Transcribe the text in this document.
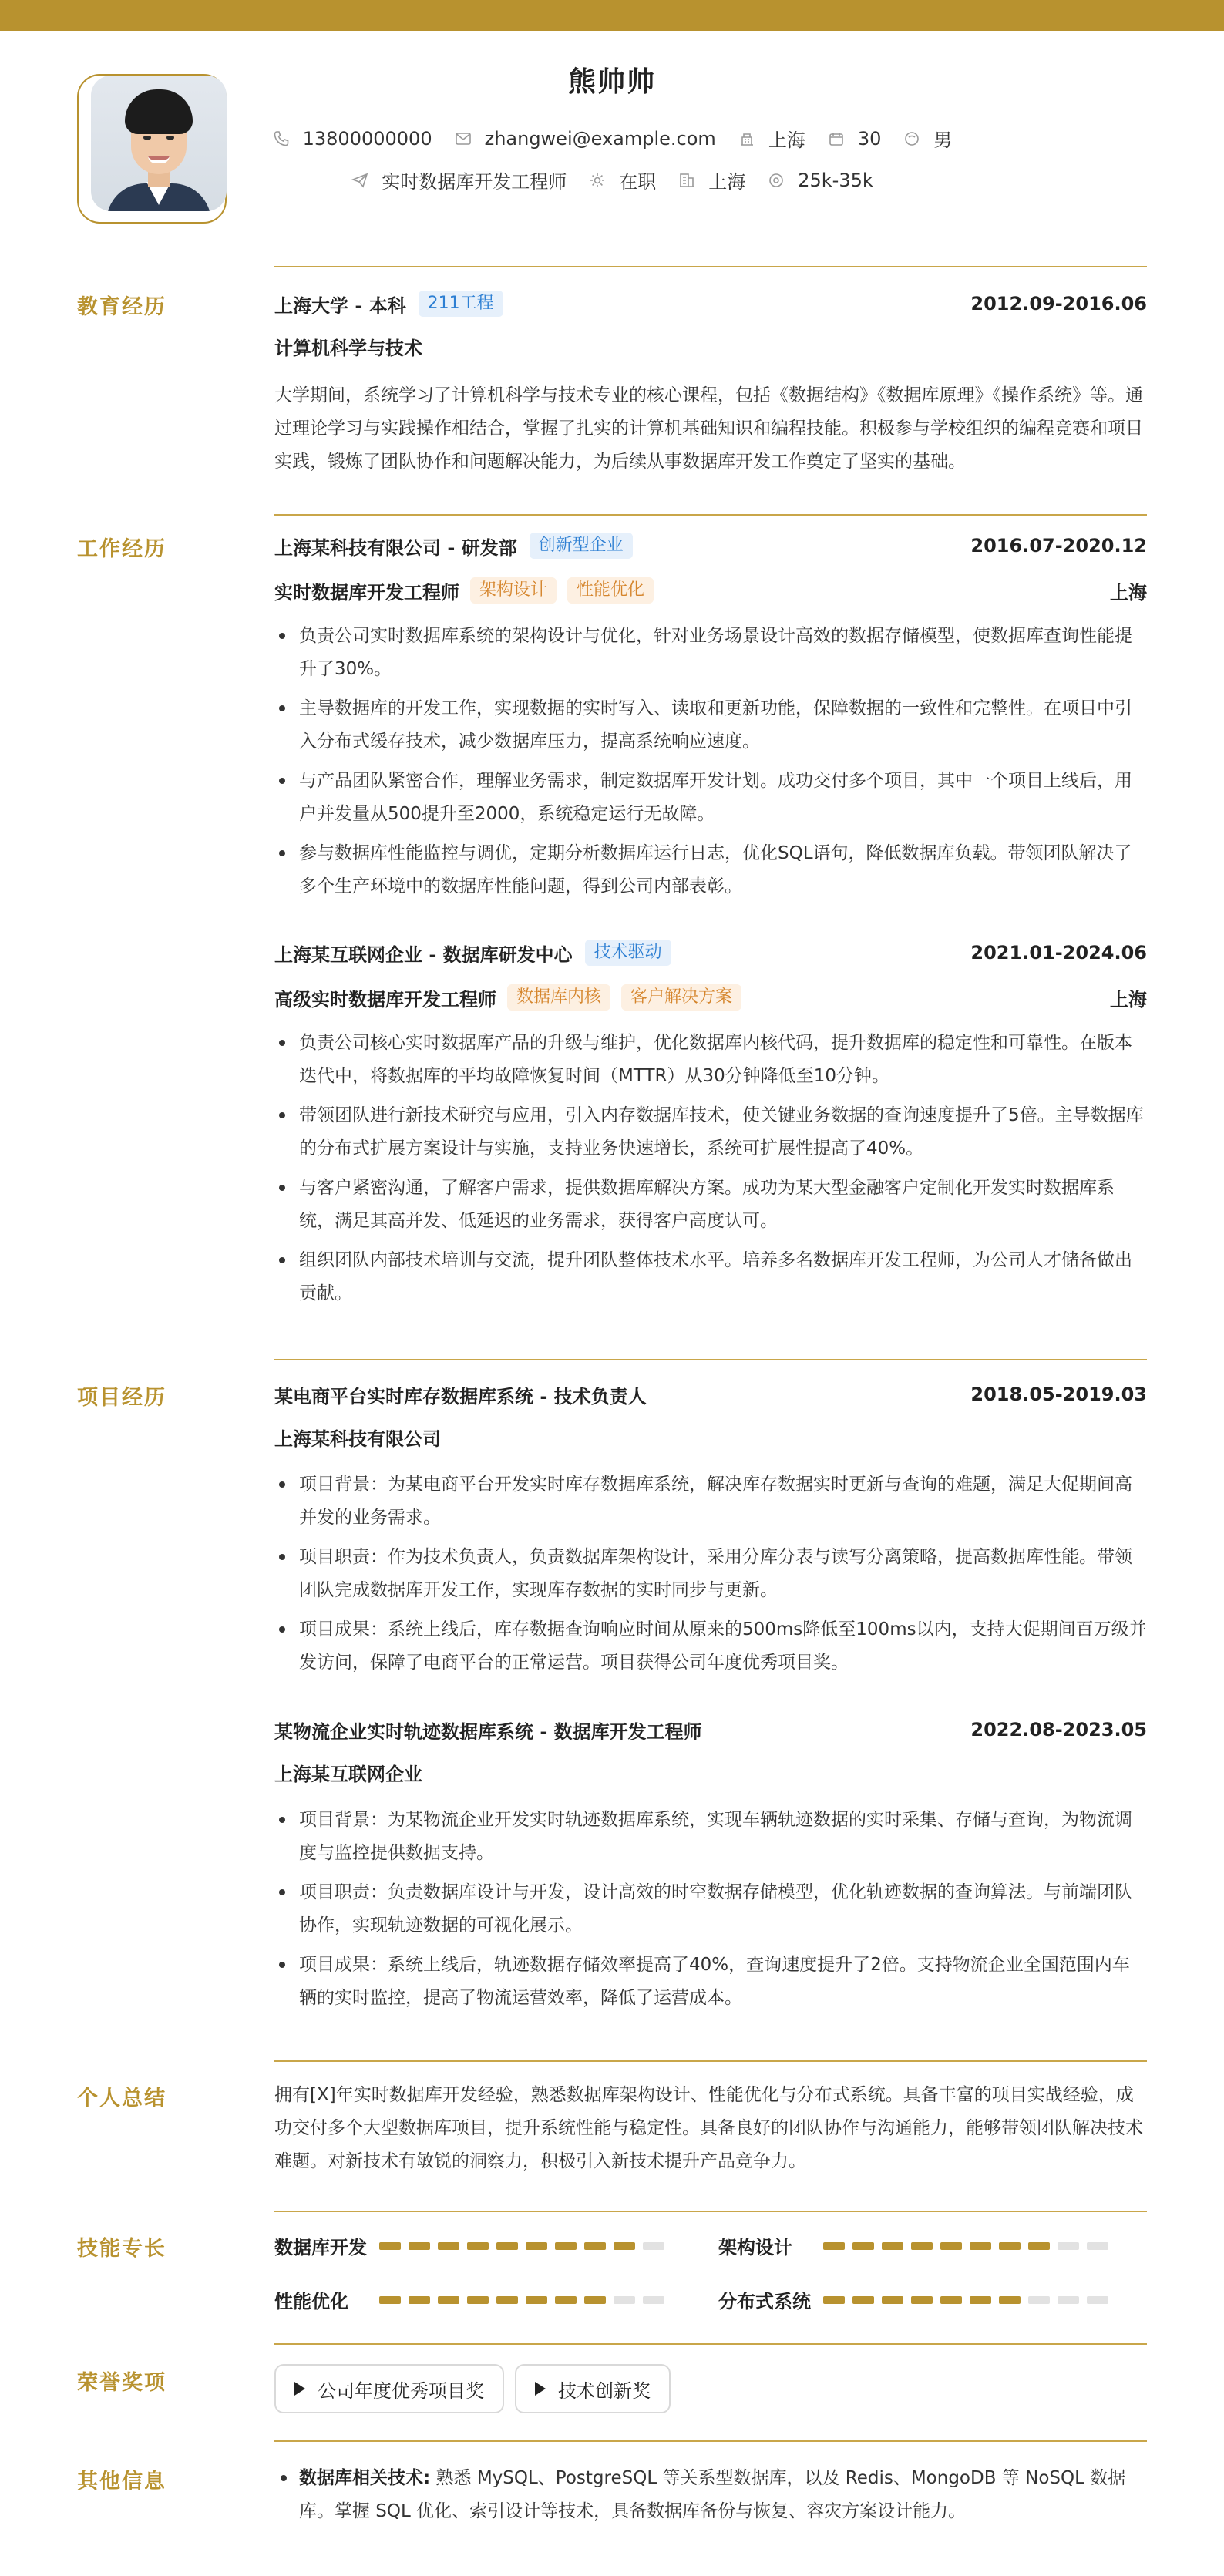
熊帅帅
13800000000	zhangwei@example.com	上海	30	男
实时数据库开发工程师	在职	上海	25k-35k
教育经历	上海大学 - 本科	211工程	2012.09-2016.06
计算机科学与技术
大学期间，系统学习了计算机科学与技术专业的核心课程，包括《数据结构》《数据库原理》《操作系统》等。通过理论学习与实践操作相结合，掌握了扎实的计算机基础知识和编程技能。积极参与学校组织的编程竞赛和项目实践，锻炼了团队协作和问题解决能力，为后续从事数据库开发工作奠定了坚实的基础。
工作经历	上海某科技有限公司 - 研发部	创新型企业	2016.07-2020.12
实时数据库开发工程师	架构设计	性能优化	上海
负责公司实时数据库系统的架构设计与优化，针对业务场景设计高效的数据存储模型，使数据库查询性能提升了30%。
主导数据库的开发工作，实现数据的实时写入、读取和更新功能，保障数据的一致性和完整性。在项目中引入分布式缓存技术，减少数据库压力，提高系统响应速度。
与产品团队紧密合作，理解业务需求，制定数据库开发计划。成功交付多个项目，其中一个项目上线后，用户并发量从500提升至2000，系统稳定运行无故障。
参与数据库性能监控与调优，定期分析数据库运行日志，优化SQL语句，降低数据库负载。带领团队解决了多个生产环境中的数据库性能问题，得到公司内部表彰。
上海某互联网企业 - 数据库研发中心	技术驱动	2021.01-2024.06
高级实时数据库开发工程师	数据库内核	客户解决方案	上海
负责公司核心实时数据库产品的升级与维护，优化数据库内核代码，提升数据库的稳定性和可靠性。在版本迭代中，将数据库的平均故障恢复时间（MTTR）从30分钟降低至10分钟。
带领团队进行新技术研究与应用，引入内存数据库技术，使关键业务数据的查询速度提升了5倍。主导数据库的分布式扩展方案设计与实施，支持业务快速增长，系统可扩展性提高了40%。
与客户紧密沟通，了解客户需求，提供数据库解决方案。成功为某大型金融客户定制化开发实时数据库系统，满足其高并发、低延迟的业务需求，获得客户高度认可。
组织团队内部技术培训与交流，提升团队整体技术水平。培养多名数据库开发工程师，为公司人才储备做出贡献。
项目经历	某电商平台实时库存数据库系统 - 技术负责人	2018.05-2019.03
上海某科技有限公司
项目背景：为某电商平台开发实时库存数据库系统，解决库存数据实时更新与查询的难题，满足大促期间高并发的业务需求。
项目职责：作为技术负责人，负责数据库架构设计，采用分库分表与读写分离策略，提高数据库性能。带领团队完成数据库开发工作，实现库存数据的实时同步与更新。
项目成果：系统上线后，库存数据查询响应时间从原来的500ms降低至100ms以内，支持大促期间百万级并发访问，保障了电商平台的正常运营。项目获得公司年度优秀项目奖。
某物流企业实时轨迹数据库系统 - 数据库开发工程师	2022.08-2023.05
上海某互联网企业
项目背景：为某物流企业开发实时轨迹数据库系统，实现车辆轨迹数据的实时采集、存储与查询，为物流调度与监控提供数据支持。
项目职责：负责数据库设计与开发，设计高效的时空数据存储模型，优化轨迹数据的查询算法。与前端团队协作，实现轨迹数据的可视化展示。
项目成果：系统上线后，轨迹数据存储效率提高了40%，查询速度提升了2倍。支持物流企业全国范围内车辆的实时监控，提高了物流运营效率，降低了运营成本。
个人总结	拥有[X]年实时数据库开发经验，熟悉数据库架构设计、性能优化与分布式系统。具备丰富的项目实战经验，成功交付多个大型数据库项目，提升系统性能与稳定性。具备良好的团队协作与沟通能力，能够带领团队解决技术难题。对新技术有敏锐的洞察力，积极引入新技术提升产品竞争力。
技能专长	数据库开发	架构设计
性能优化	分布式系统
荣誉奖项	公司年度优秀项目奖	技术创新奖
其他信息	数据库相关技术: 熟悉 MySQL、PostgreSQL 等关系型数据库，以及 Redis、MongoDB 等 NoSQL 数据库。掌握 SQL 优化、索引设计等技术，具备数据库备份与恢复、容灾方案设计能力。
